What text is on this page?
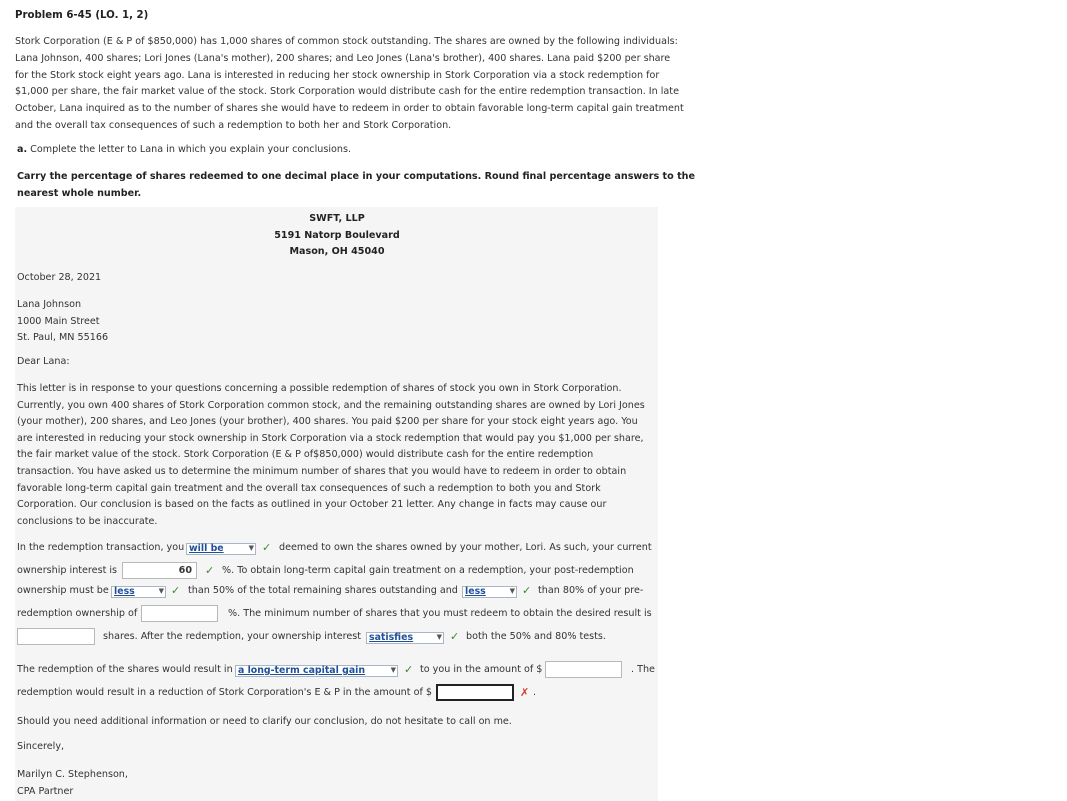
Problem 6-45 (LO. 1, 2)
Stork Corporation (E & P of $850,000) has 1,000 shares of common stock outstanding. The shares are owned by the following individuals:
Lana Johnson, 400 shares; Lori Jones (Lana's mother), 200 shares; and Leo Jones (Lana's brother), 400 shares. Lana paid $200 per share
for the Stork stock eight years ago. Lana is interested in reducing her stock ownership in Stork Corporation via a stock redemption for
$1,000 per share, the fair market value of the stock. Stork Corporation would distribute cash for the entire redemption transaction. In late
October, Lana inquired as to the number of shares she would have to redeem in order to obtain favorable long-term capital gain treatment
and the overall tax consequences of such a redemption to both her and Stork Corporation.
a. Complete the letter to Lana in which you explain your conclusions.
Carry the percentage of shares redeemed to one decimal place in your computations. Round final percentage answers to the
nearest whole number.
SWFT, LLP
5191 Natorp Boulevard
Mason, OH 45040
October 28, 2021
Lana Johnson
1000 Main Street
St. Paul, MN 55166
Dear Lana:
This letter is in response to your questions concerning a possible redemption of shares of stock you own in Stork Corporation.
Currently, you own 400 shares of Stork Corporation common stock, and the remaining outstanding shares are owned by Lori Jones
(your mother), 200 shares, and Leo Jones (your brother), 400 shares. You paid $200 per share for your stock eight years ago. You
are interested in reducing your stock ownership in Stork Corporation via a stock redemption that would pay you $1,000 per share,
the fair market value of the stock. Stork Corporation (E & P of$850,000) would distribute cash for the entire redemption
transaction. You have asked us to determine the minimum number of shares that you would have to redeem in order to obtain
favorable long-term capital gain treatment and the overall tax consequences of such a redemption to both you and Stork
Corporation. Our conclusion is based on the facts as outlined in your October 21 letter. Any change in facts may cause our
conclusions to be inaccurate.
In the redemption transaction, you will be	▼ ✓ deemed to own the shares owned by your mother, Lori. As such, your current
ownership interest is	60 ✓ %. To obtain long-term capital gain treatment on a redemption, your post-redemption
ownership must be less	▼ ✓ than 50% of the total remaining shares outstanding and less	▼ ✓ than 80% of your pre-
redemption ownership of	%. The minimum number of shares that you must redeem to obtain the desired result is
shares. After the redemption, your ownership interest satisfies	▼ ✓ both the 50% and 80% tests.
The redemption of the shares would result in a long-term capital gain	▼ ✓ to you in the amount of $	. The
redemption would result in a reduction of Stork Corporation's E & P in the amount of $	✗ .
Should you need additional information or need to clarify our conclusion, do not hesitate to call on me.
Sincerely,
Marilyn C. Stephenson,
CPA Partner
